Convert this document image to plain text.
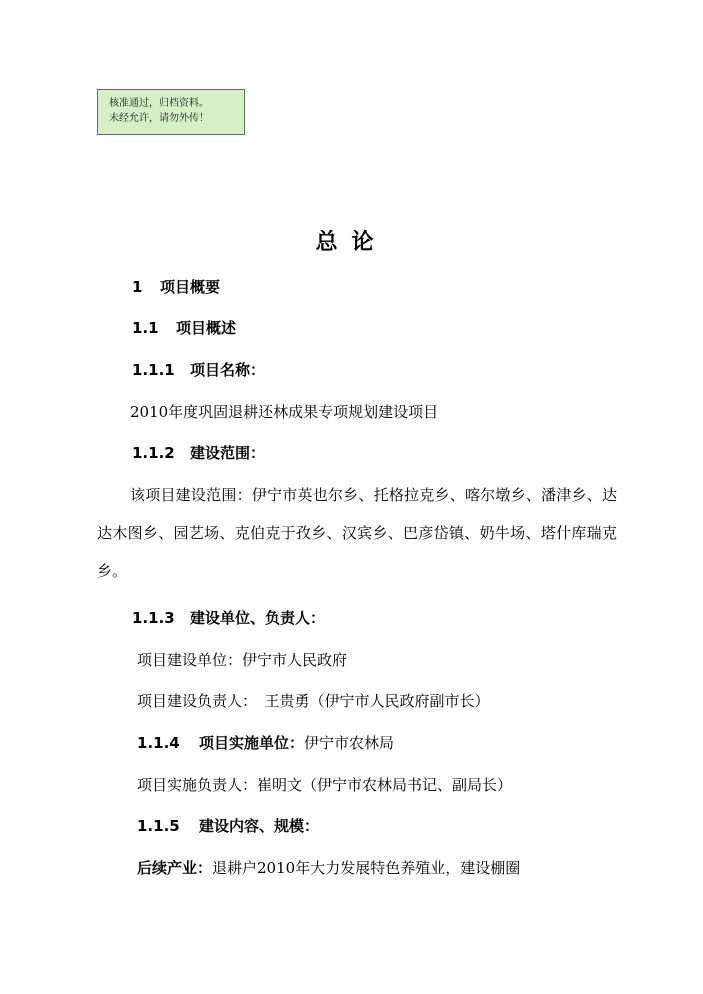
核准通过，归档资料。
未经允许，请勿外传！
总论
1 项目概要
1.1 项目概述
1.1.1 项目名称：
2010年度巩固退耕还林成果专项规划建设项目
1.1.2 建设范围：
该项目建设范围：伊宁市英也尔乡、托格拉克乡、喀尔墩乡、潘津乡、达达木图乡、园艺场、克伯克于孜乡、汉宾乡、巴彦岱镇、奶牛场、塔什库瑞克乡。
1.1.3 建设单位、负责人：
项目建设单位：伊宁市人民政府
项目建设负责人：　王贵勇（伊宁市人民政府副市长）
1.1.4 项目实施单位：伊宁市农林局
项目实施负责人：崔明文（伊宁市农林局书记、副局长）
1.1.5 建设内容、规模：
后续产业：退耕户2010年大力发展特色养殖业，建设棚圈
